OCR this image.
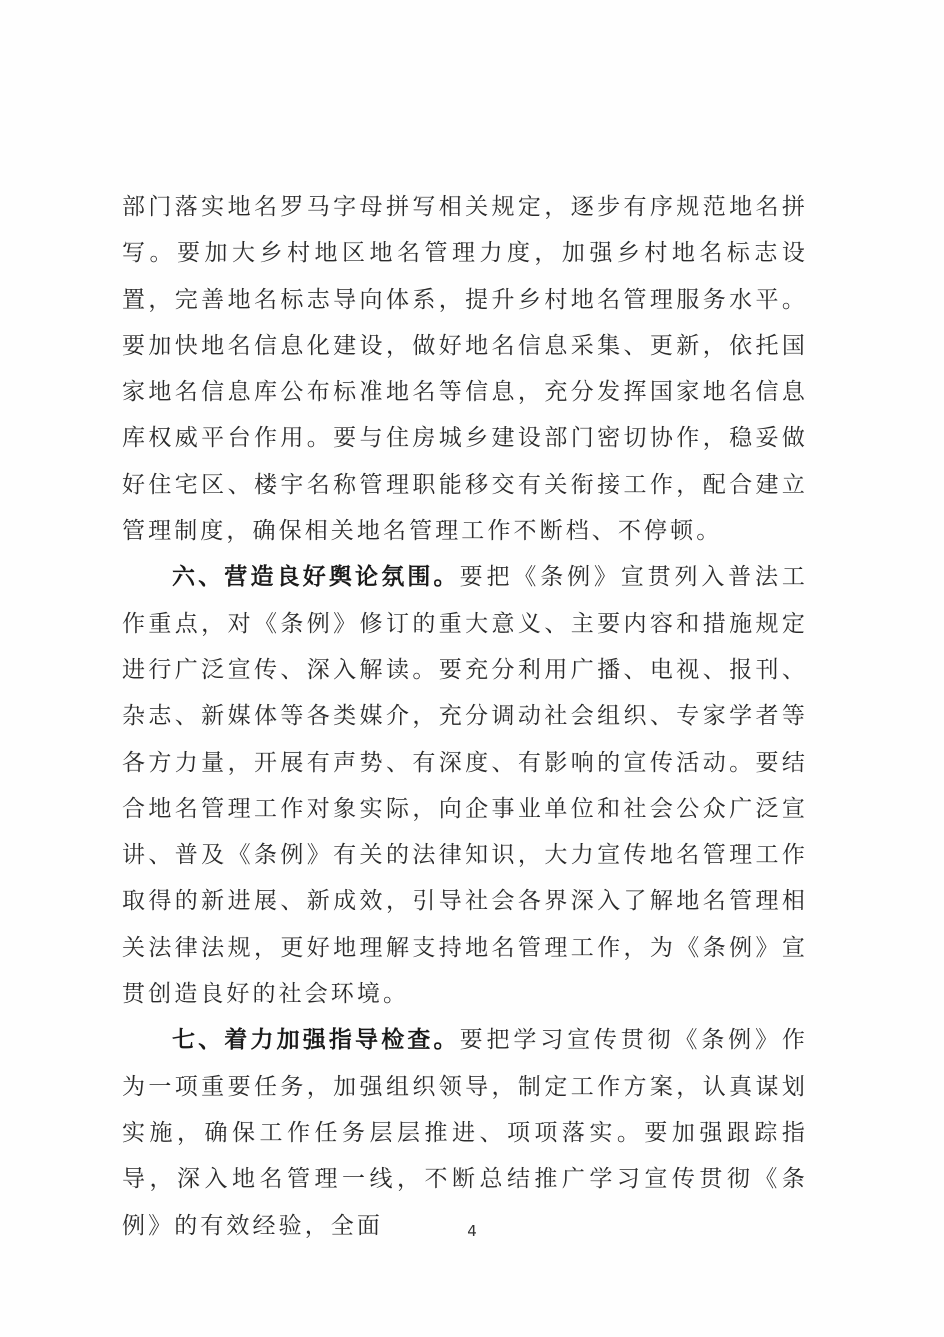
部门落实地名罗马字母拼写相关规定，逐步有序规范地名拼写。要加大乡村地区地名管理力度，加强乡村地名标志设置，完善地名标志导向体系，提升乡村地名管理服务水平。要加快地名信息化建设，做好地名信息采集、更新，依托国家地名信息库公布标准地名等信息，充分发挥国家地名信息库权威平台作用。要与住房城乡建设部门密切协作，稳妥做好住宅区、楼宇名称管理职能移交有关衔接工作，配合建立管理制度，确保相关地名管理工作不断档、不停顿。

六、营造良好舆论氛围。要把《条例》宣贯列入普法工作重点，对《条例》修订的重大意义、主要内容和措施规定进行广泛宣传、深入解读。要充分利用广播、电视、报刊、杂志、新媒体等各类媒介，充分调动社会组织、专家学者等各方力量，开展有声势、有深度、有影响的宣传活动。要结合地名管理工作对象实际，向企事业单位和社会公众广泛宣讲、普及《条例》有关的法律知识，大力宣传地名管理工作取得的新进展、新成效，引导社会各界深入了解地名管理相关法律法规，更好地理解支持地名管理工作，为《条例》宣贯创造良好的社会环境。

七、着力加强指导检查。要把学习宣传贯彻《条例》作为一项重要任务，加强组织领导，制定工作方案，认真谋划实施，确保工作任务层层推进、项项落实。要加强跟踪指导，深入地名管理一线，不断总结推广学习宣传贯彻《条例》的有效经验，全面	4
